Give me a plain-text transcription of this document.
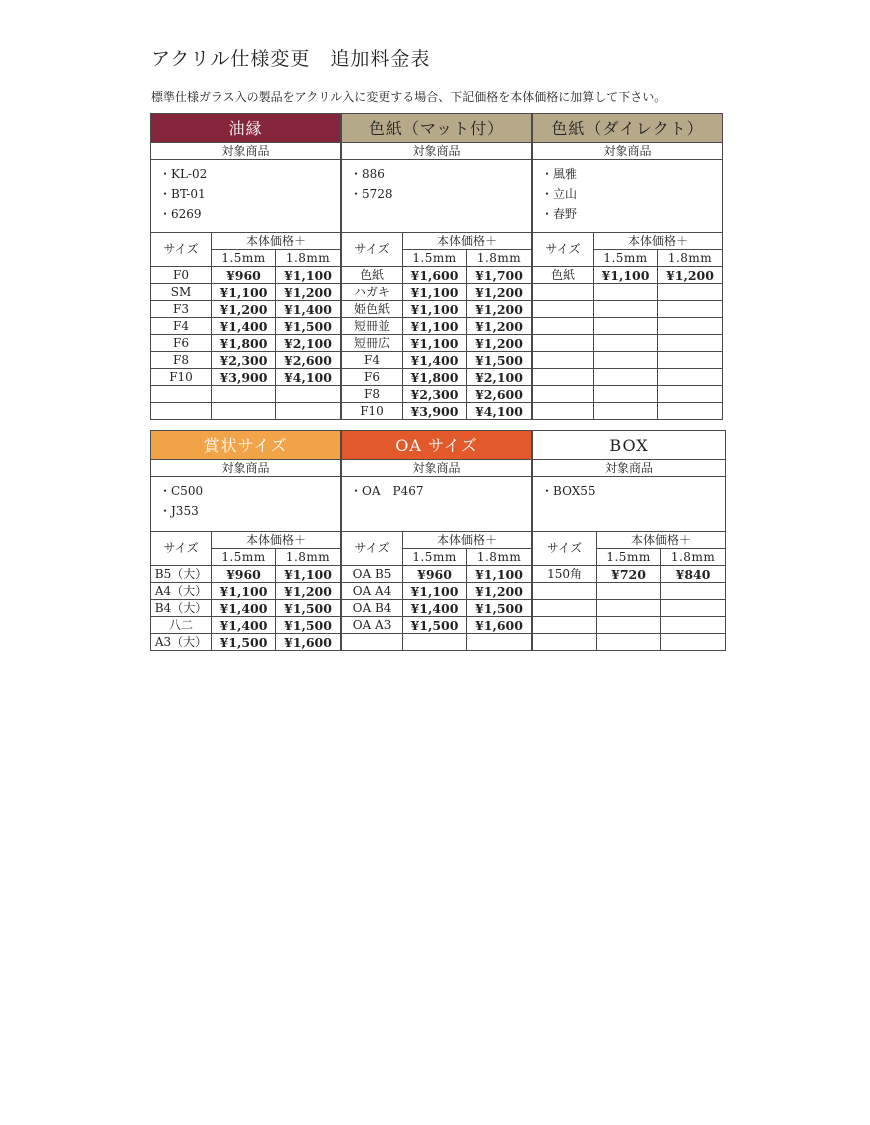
アクリル仕様変更　追加料金表
標準仕様ガラス入の製品をアクリル入に変更する場合、下記価格を本体価格に加算して下さい。
油縁		
対象商品		

・KL-02
・BT-01
・6269		

サイズ	本体価格＋	
	1.5mm	1.8mm
F0	¥960	¥1,100
SM	¥1,100	¥1,200
F3	¥1,200	¥1,400
F4	¥1,400	¥1,500
F6	¥1,800	¥2,100
F8	¥2,300	¥2,600
F10	¥3,900	¥4,100

色紙（マット付）		
対象商品		

・886
・5728		

サイズ	本体価格＋	
	1.5mm	1.8mm
色紙	¥1,600	¥1,700
ハガキ	¥1,100	¥1,200
姫色紙	¥1,100	¥1,200
短冊並	¥1,100	¥1,200
短冊広	¥1,100	¥1,200
F4	¥1,400	¥1,500
F6	¥1,800	¥2,100
F8	¥2,300	¥2,600
F10	¥3,900	¥4,100
色紙（ダイレクト）		
対象商品		

・風雅
・立山
・春野		

サイズ	本体価格＋	
	1.5mm	1.8mm
色紙	¥1,100	¥1,200

賞状サイズ		
対象商品		

・C500
・J353		

サイズ	本体価格＋	
	1.5mm	1.8mm
B5（大）	¥960	¥1,100
A4（大）	¥1,100	¥1,200
B4（大）	¥1,400	¥1,500
八二	¥1,400	¥1,500
A3（大）	¥1,500	¥1,600
OA サイズ		
対象商品		

・OA　P467		

サイズ	本体価格＋	
	1.5mm	1.8mm
OA B5	¥960	¥1,100
OA A4	¥1,100	¥1,200
OA B4	¥1,400	¥1,500
OA A3	¥1,500	¥1,600

BOX		
対象商品		

・BOX55		

サイズ	本体価格＋	
	1.5mm	1.8mm
150角	¥720	¥840
